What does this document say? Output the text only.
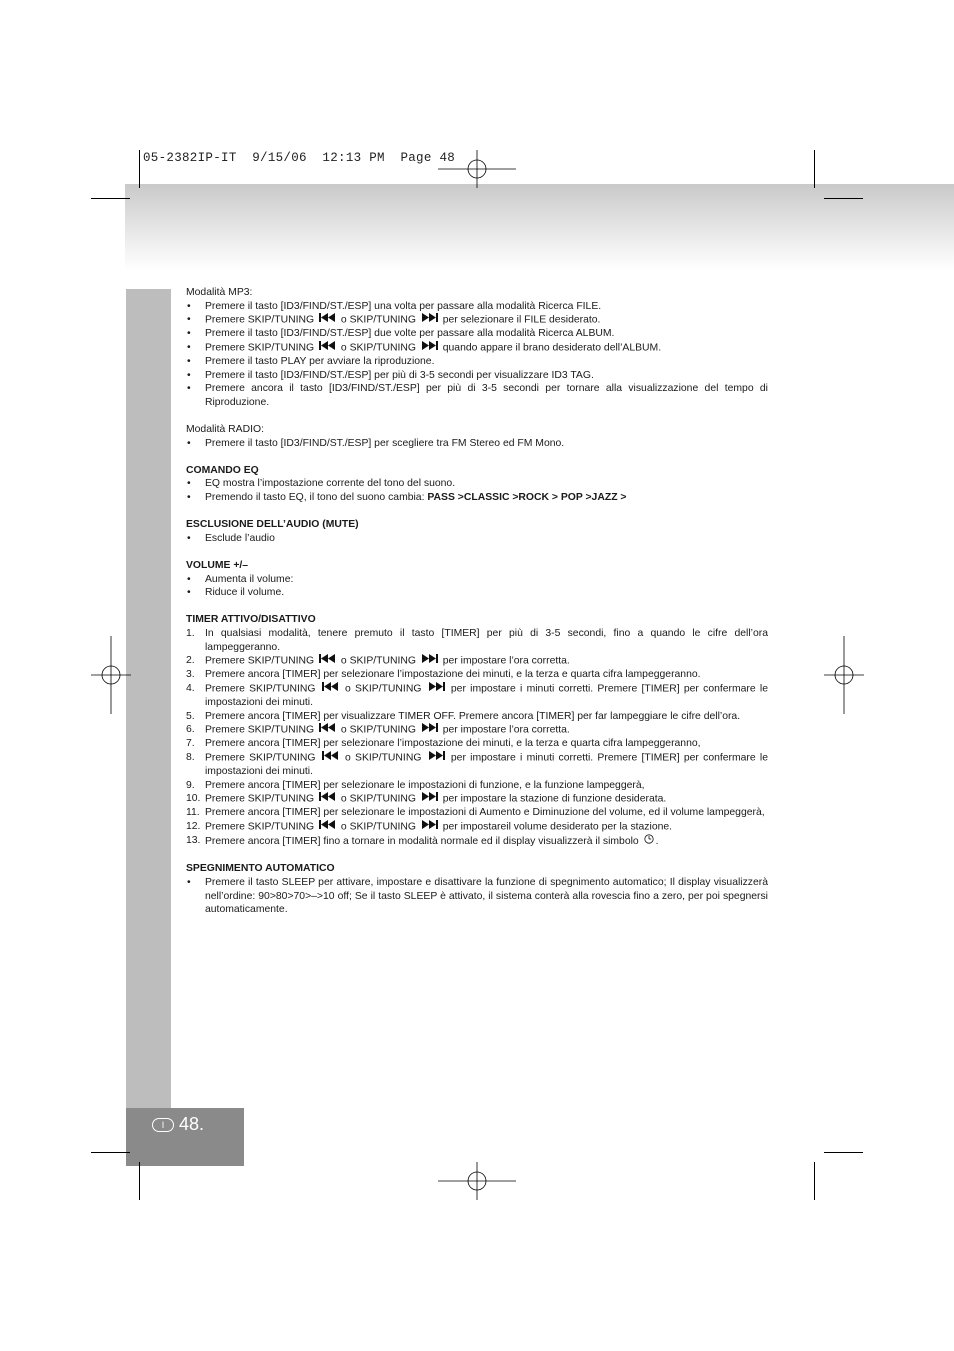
05-2382IP-IT  9/15/06  12:13 PM  Page 48
I 48.
Modalità MP3:
• Premere il tasto [ID3/FIND/ST./ESP] una volta per passare alla modalità Ricerca FILE.
• Premere SKIP/TUNING	o SKIP/TUNING	per selezionare il FILE desiderato.
• Premere il tasto [ID3/FIND/ST./ESP] due volte per passare alla modalità Ricerca ALBUM.
• Premere SKIP/TUNING	o SKIP/TUNING	quando appare il brano desiderato dell’ALBUM.
• Premere il tasto PLAY per avviare la riproduzione.
• Premere il tasto [ID3/FIND/ST./ESP] per più di 3-5 secondi per visualizzare ID3 TAG.
• Premere ancora il tasto [ID3/FIND/ST./ESP] per più di 3-5 secondi per tornare alla visualizzazione del tempo di Riproduzione.
Modalità RADIO:
• Premere il tasto [ID3/FIND/ST./ESP] per scegliere tra FM Stereo ed FM Mono.
COMANDO EQ
• EQ mostra l’impostazione corrente del tono del suono.
• Premendo il tasto EQ, il tono del suono cambia: PASS >CLASSIC >ROCK > POP >JAZZ >
ESCLUSIONE DELL’AUDIO (MUTE)
• Esclude l’audio
VOLUME +/–
• Aumenta il volume:
• Riduce il volume.
TIMER ATTIVO/DISATTIVO
1. In qualsiasi modalità, tenere premuto il tasto [TIMER] per più di 3-5 secondi, fino a quando le cifre dell’ora lampeggeranno.
2. Premere SKIP/TUNING	o SKIP/TUNING	per impostare l’ora corretta.
3. Premere ancora [TIMER] per selezionare l’impostazione dei minuti, e la terza e quarta cifra lampeggeranno.
4. Premere SKIP/TUNING	o SKIP/TUNING	per impostare i minuti corretti. Premere [TIMER] per confermare le impostazioni dei minuti.
5. Premere ancora [TIMER] per visualizzare TIMER OFF. Premere ancora [TIMER] per far lampeggiare le cifre dell’ora.
6. Premere SKIP/TUNING	o SKIP/TUNING	per impostare l’ora corretta.
7. Premere ancora [TIMER] per selezionare l’impostazione dei minuti, e la terza e quarta cifra lampeggeranno,
8. Premere SKIP/TUNING	o SKIP/TUNING	per impostare i minuti corretti. Premere [TIMER] per confermare le impostazioni dei minuti.
9. Premere ancora [TIMER] per selezionare le impostazioni di funzione, e la funzione lampeggerà,
10. Premere SKIP/TUNING	o SKIP/TUNING	per impostare la stazione di funzione desiderata.
11. Premere ancora [TIMER] per selezionare le impostazioni di Aumento e Diminuzione del volume, ed il volume lampeggerà,
12. Premere SKIP/TUNING	o SKIP/TUNING	per impostareil volume desiderato per la stazione.
13. Premere ancora [TIMER] fino a tornare in modalità normale ed il display visualizzerà il simbolo .
SPEGNIMENTO AUTOMATICO
• Premere il tasto SLEEP per attivare, impostare e disattivare la funzione di spegnimento automatico; Il display visualizzerà nell’ordine: 90>80>70>–>10 off; Se il tasto SLEEP è attivato, il sistema conterà alla rovescia fino a zero, per poi spegnersi automaticamente.
